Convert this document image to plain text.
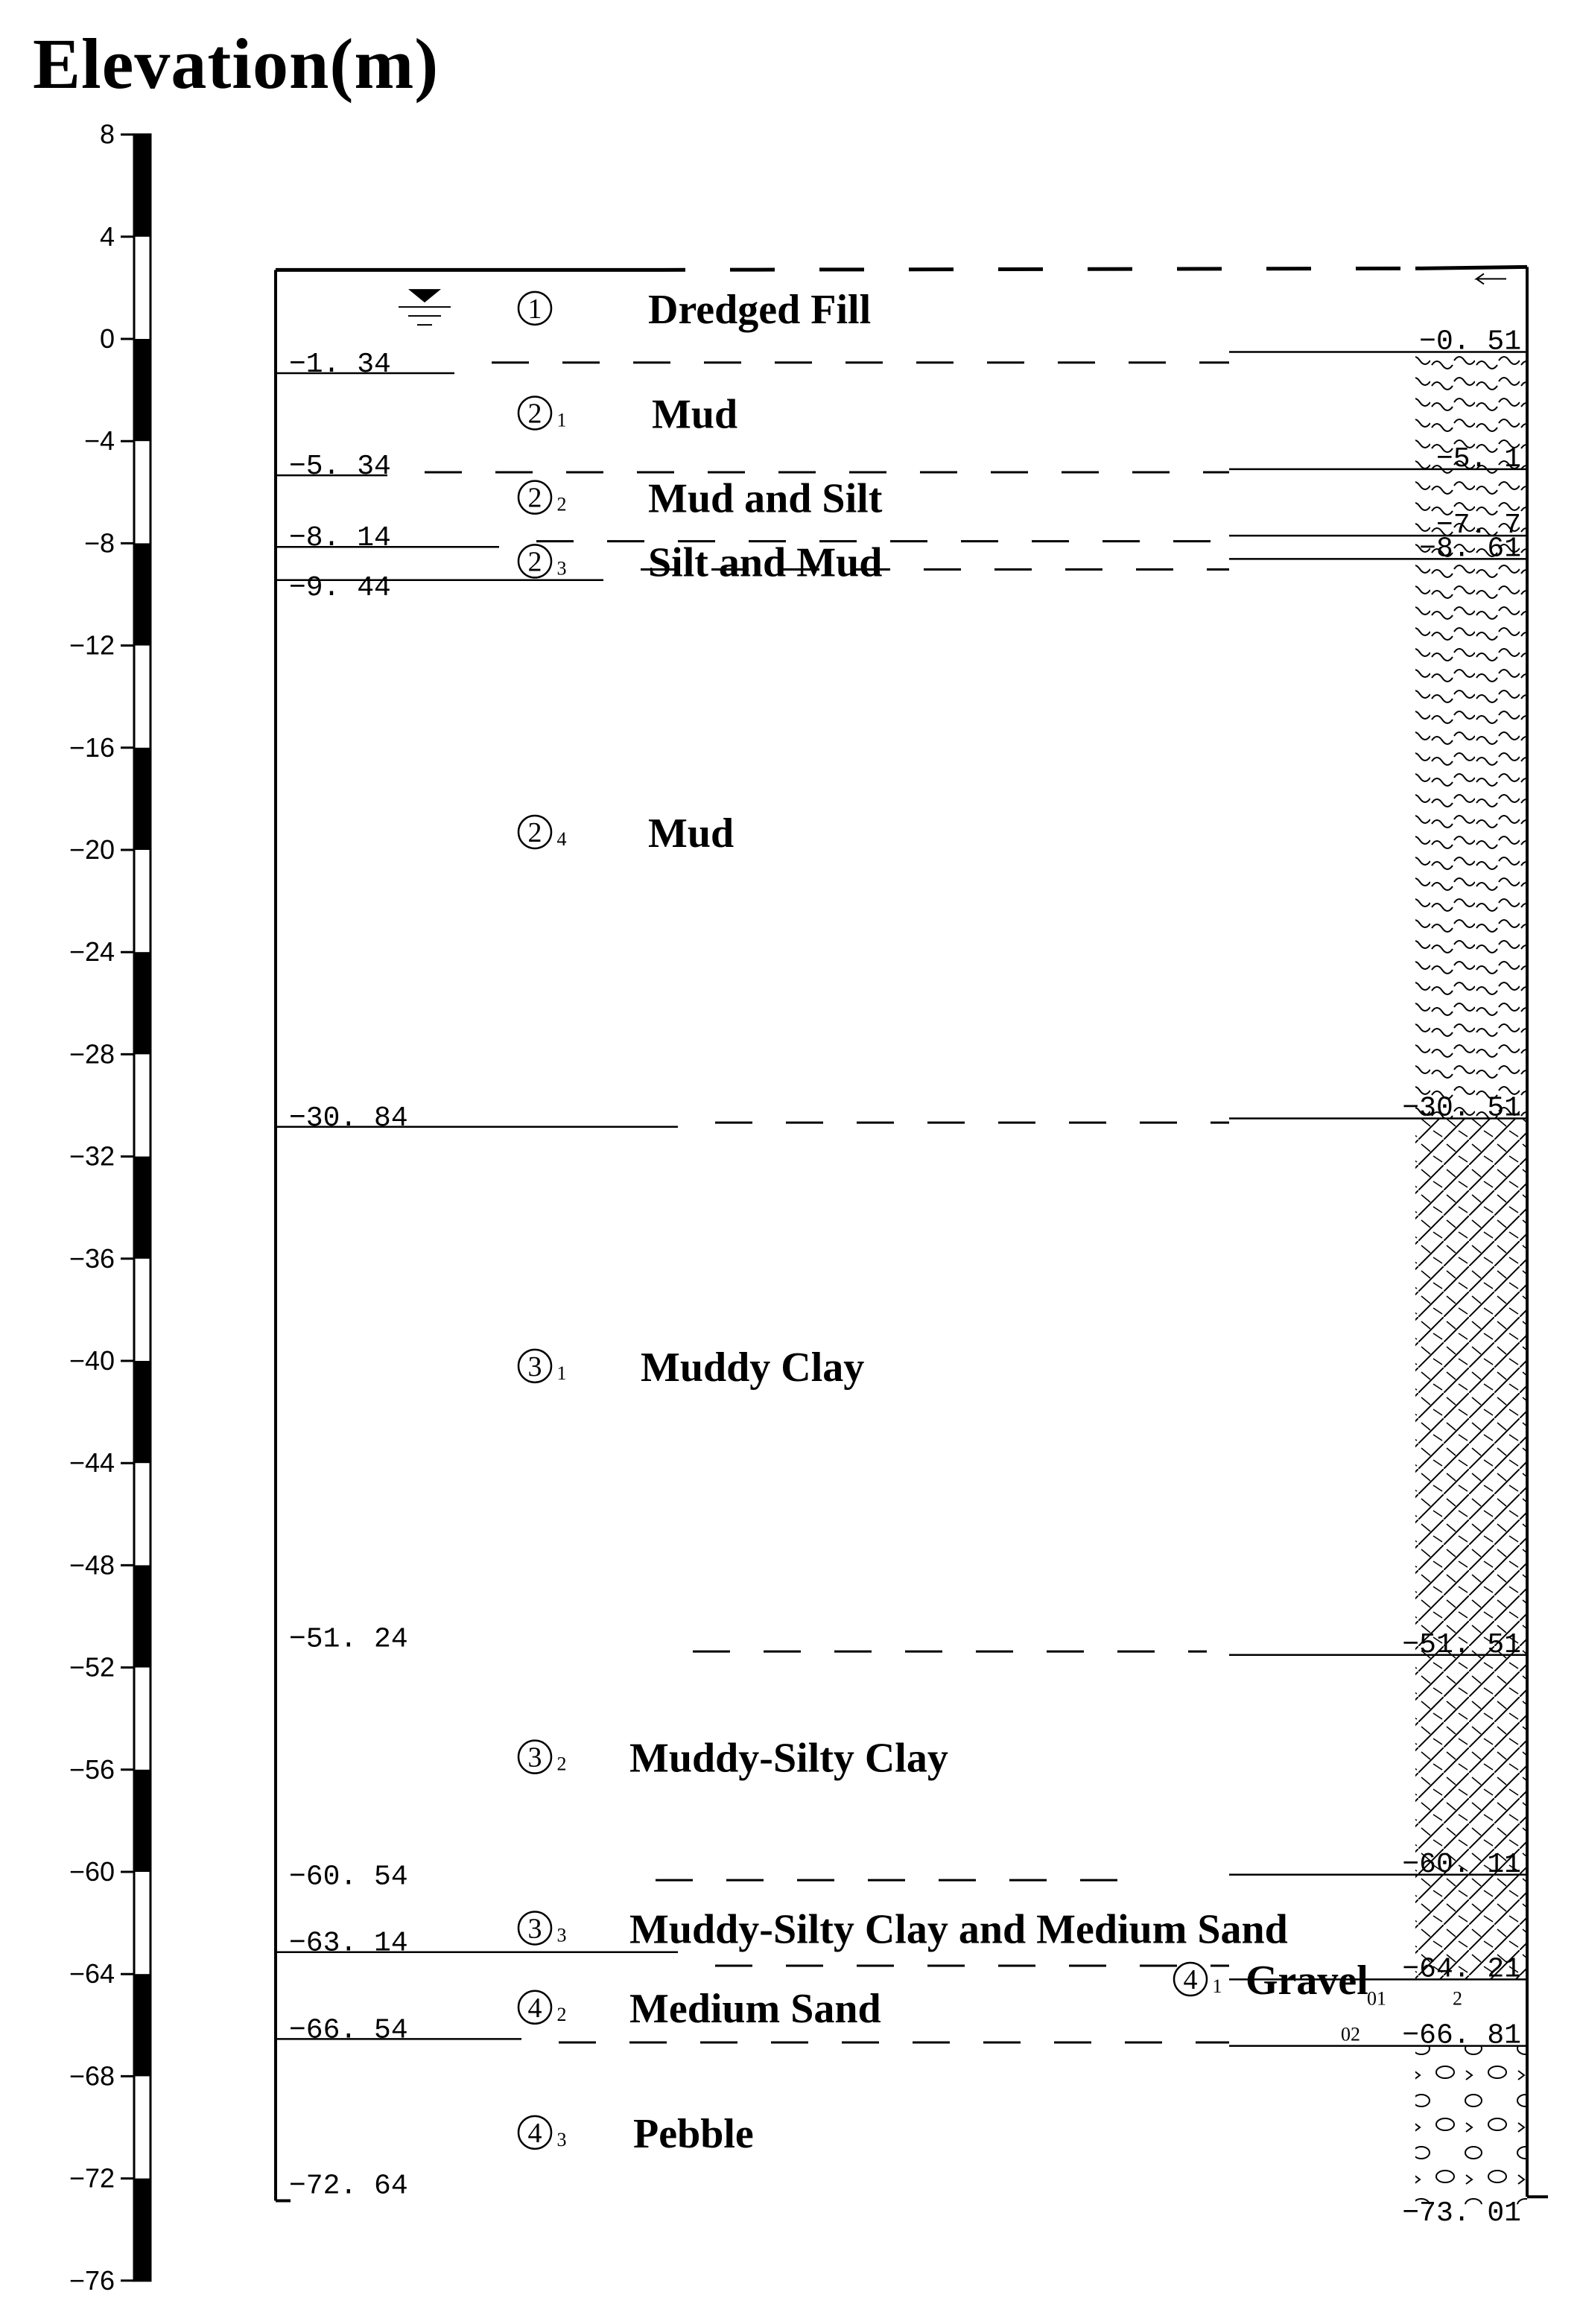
Elevation(m)
8
4
0
−4
−8
−12
−16
−20
−24
−28
−32
−36
−40
−44
−48
−52
−56
−60
−64
−68
−72
−76
−1. 34
−5. 34
−8. 14
−9. 44
−30. 84
−51. 24
−60. 54
−63. 14
−66. 54
−72. 64
−0. 51
−5. 1
−7. 7
−8. 61
−30. 51
−51. 51
−60. 11
−64. 21
−66. 81
−73. 01
1	Dredged Fill
2 1 Mud
2 2 Mud and Silt
2 3 Silt and Mud
2 4 Mud
3 1 Muddy Clay
3 2 Muddy-Silty Clay
3 3 Muddy-Silty Clay and Medium Sand
4 2 Medium Sand
4 3 Pebble
4 1 Gravel
01
02
2
